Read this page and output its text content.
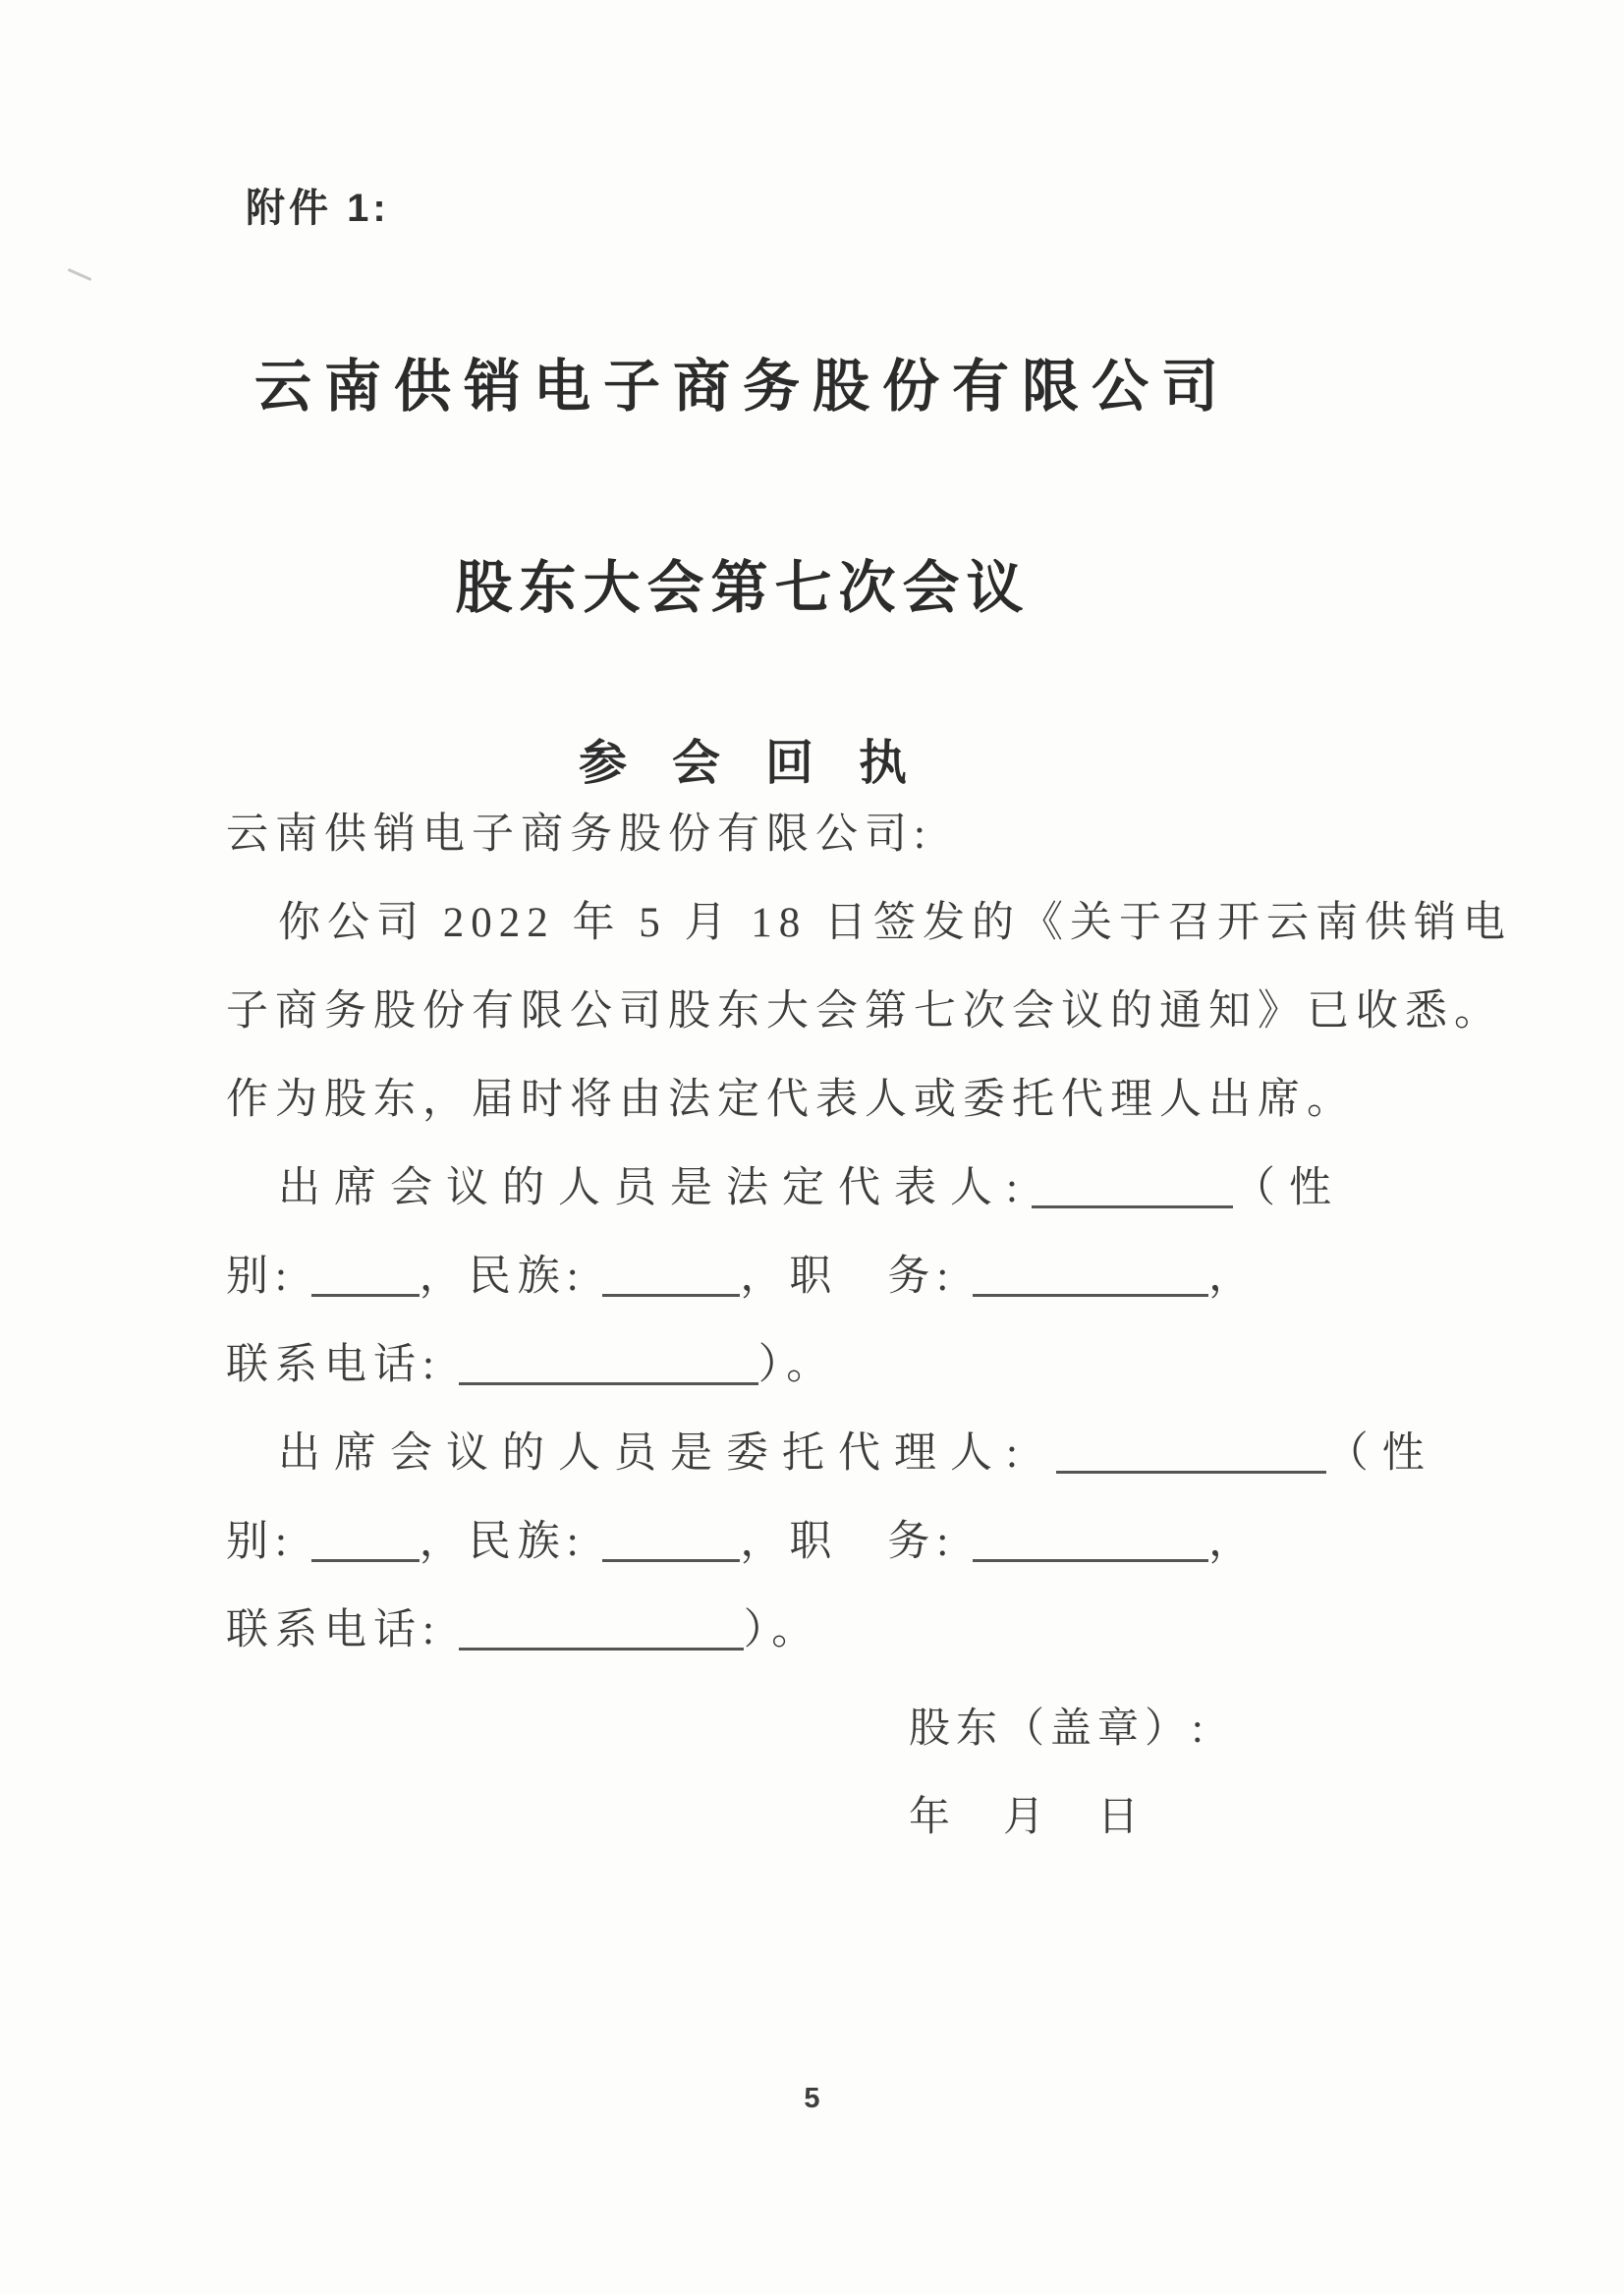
附件 1:
云南供销电子商务股份有限公司
股东大会第七次会议
参会回执
云南供销电子商务股份有限公司:
你公司 2022 年 5 月 18 日签发的《关于召开云南供销电
子商务股份有限公司股东大会第七次会议的通知》已收悉。
作为股东，届时将由法定代表人或委托代理人出席。
出席会议的人员是法定代表人:	（性
别:	，民族:	，职　务:	，
联系电话:	）。
出席会议的人员是委托代理人:	（性
别:	，民族:	，职　务:	，
联系电话:	）。
股东（盖章）:
年　月　日
5
